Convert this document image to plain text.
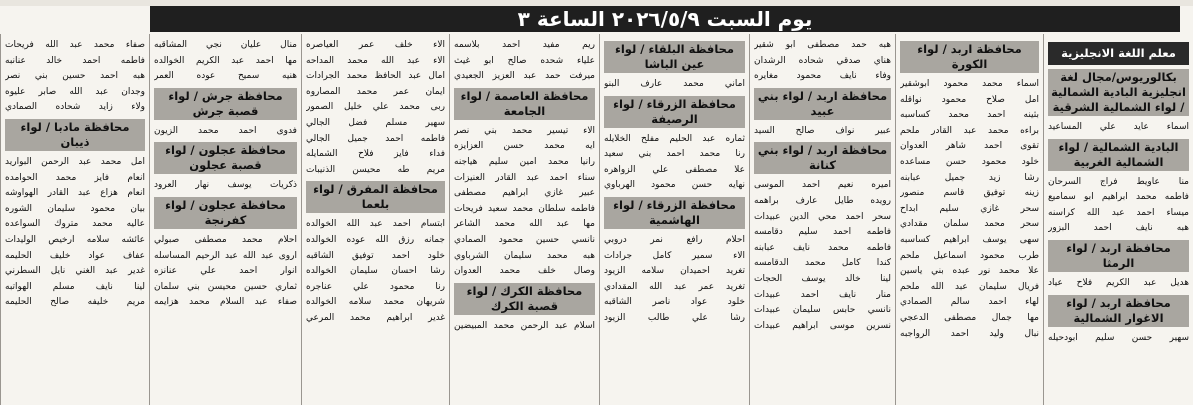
يوم السبت ٢٠٢٦/٥/٩ الساعة ٣
معلم اللغة الانجليزية
بكالوريوس/مجال لغة انجليزية البادية الشمالية / لواء الشمالية الشرقية
اسماء عايد علي المساعيد
البادية الشمالية / لواء الشمالية الغربية
منا عاويط فراج السرحان
فاطمه محمد ابراهيم ابو سماميع
ميساء احمد عبد الله كراسنه
هبه نايف احمد البزور
محافظة اربد / لواء الرمثا
هديل عبد الكريم فلاح عياد
محافظة اربد / لواء الاغوار الشمالية
سهير حسن سليم ابودحيله
محافظة اربد / لواء الكورة
اسماء محمد محمود ابوشقير
امل صلاح محمود نواقله
بثينه احمد محمد كساسبه
براءه محمد عبد القادر ملحم
تقوى احمد شاهر العدوان
خلود محمود حسن مساعده
رشا زيد جميل عبابنه
زينه توفيق قاسم منصور
سحر غازي سليم ابداح
سحر محمد سلمان مقدادي
سهى يوسف ابراهيم كساسبه
طرب محمود اسماعيل ملحم
علا محمد نور عبده بني ياسين
فريال سليمان عبد الله ملحم
لهاء احمد سالم الصمادي
مها جمال مصطفى الدعجي
نبال وليد احمد الرواجبه
هبه حمد مصطفى ابو شقير
هناي صدقي شحاده الرشدان
وفاء نايف محمود مغايره
محافظة اربد / لواء بني عبيد
عبير نواف صالح السيد
محافظة اربد / لواء بني كنانة
اميره نعيم احمد الموسى
رويده طايل عارف براهمه
سحر احمد محي الدين عبيدات
فاطمه احمد سليم دقامسه
فاطمه محمد نايف عبابنه
كندا كامل محمد الدقامسه
لينا خالد يوسف الحجات
منار نايف احمد عبيدات
نانسي حابس سليمان عبيدات
نسرين موسى ابراهيم عبيدات
محافظة البلقاء / لواء عين الباشا
اماني محمد عارف البنو
محافظة الزرقاء / لواء الرصيفة
ثماره عبد الحليم مفلح الخلايله
رنا محمد احمد بني سعيد
علا مصطفى علي الزواهره
نهايه حسن محمود الهرباوي
محافظة الزرقاء / لواء الهاشمية
احلام رافع نمر دروبي
الاء سمير كامل جرادات
تغريد احميدان سلامه الزيود
تغريد عمر عبد الله المقدادي
خلود عواد ناصر الشاقبه
رشا علي طالب الزيود
ريم مفيد احمد بلاسمه
علياء شحده صالح ابو غيث
ميرفت حمد عبد العزيز الجعيدي
محافظة العاصمة / لواء الجامعة
الاء تيسير محمد بني نصر
ايه محمد حسن العزايزه
رانيا محمد امين سليم هياجنه
سناء احمد عبد القادر العنيزات
عبير غازي ابراهيم مصطفى
فاطمه سلطان محمد سعيد فريحات
مها عبد الله محمد الشاعر
نانسي حسين محمود الصمادي
هبه محمد سليمان الشرباوي
وصال خلف محمد العدوان
محافظة الكرك / لواء قصبة الكرك
اسلام عبد الرحمن محمد المبيضين
الاء خلف عمر العياصره
الاء عبد الله محمد المداحه
امال عبد الحافظ محمد الجرادات
ايمان عمر محمد المصاروه
ربى محمد علي خليل الصمور
سهير مسلم فضل الجالي
فاطمه احمد جميل الجالي
فداء فايز فلاح الشمايله
مريم طه محيسن الذنيبات
محافظة المفرق / لواء بلعما
ابتسام احمد عبد الله الخوالده
جمانه رزق الله عوده الخوالده
خلود احمد توفيق الشاقبه
رشا احسان سليمان الخوالده
رنا محمود علي عناجره
شريهان محمد سلامه الخوالده
غدير ابراهيم محمد المرعي
منال عليان نجي المشاقبه
مها احمد عبد الكريم الخوالده
هنيه سميح عوده العمر
محافظة جرش / لواء قصبة جرش
فدوى احمد محمد الزيون
محافظة عجلون / لواء قصبة عجلون
ذكريات يوسف نهار العرود
محافظة عجلون / لواء كفرنجة
احلام محمد مصطفى صبولي
اروى عبد الله عبد الرحيم المساسله
انوار احمد علي عنانزه
ثماري حسين محيسن بني سلمان
صفاء عبد السلام محمد هزايمه
صفاء محمد عبد الله فريحات
فاطمه احمد خالد عنانبه
هبه احمد حسين بني نصر
وجدان عبد الله صابر عليوه
ولاء زايد شحاده الصمادي
محافظة مادبا / لواء ذيبان
امل محمد عبد الرحمن البواريد
انعام فايز محمد الحوامده
انعام هزاع عبد القادر الهواوشه
بيان محمود سليمان الشوره
عاليه محمد متروك السواعده
عائشه سلامه ارخيص الوليدات
عفاف عواد خليف الحليمه
غدير عبد الغني نايل السطرني
لينا نايف مسلم الهواتبه
مريم خليفه صالح الحليمه
